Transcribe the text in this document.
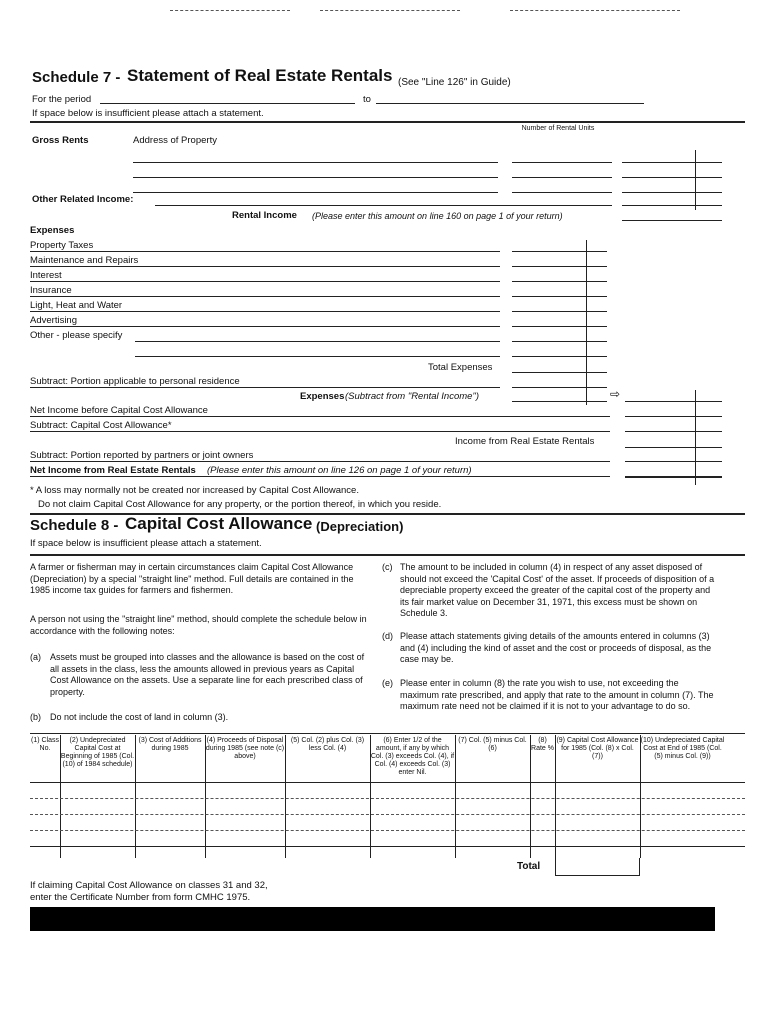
Schedule 7 - Statement of Real Estate Rentals (See "Line 126" in Guide)
For the period	to
If space below is insufficient please attach a statement.
Gross Rents	Address of Property
Number of Rental Units
Other Related Income:
Rental Income (Please enter this amount on line 160 on page 1 of your return)
Expenses
Property Taxes
Maintenance and Repairs
Interest
Insurance
Light, Heat and Water
Advertising
Other - please specify
Total Expenses
Subtract: Portion applicable to personal residence
Expenses (Subtract from "Rental Income")	⇨
Net Income before Capital Cost Allowance
Subtract: Capital Cost Allowance*
Income from Real Estate Rentals
Subtract: Portion reported by partners or joint owners
Net Income from Real Estate Rentals (Please enter this amount on line 126 on page 1 of your return)
* A loss may normally not be created nor increased by Capital Cost Allowance.
Do not claim Capital Cost Allowance for any property, or the portion thereof, in which you reside.
Schedule 8 - Capital Cost Allowance (Depreciation)
If space below is insufficient please attach a statement.
A farmer or fisherman may in certain circumstances claim Capital Cost Allowance (Depreciation) by a special "straight line" method. Full details are contained in the 1985 income tax guides for farmers and fishermen.
A person not using the "straight line" method, should complete the schedule below in accordance with the following notes:
(a) Assets must be grouped into classes and the allowance is based on the cost of all assets in the class, less the amounts allowed in previous years as Capital Cost Allowance on the assets. Use a separate line for each prescribed class of property.
(b) Do not include the cost of land in column (3).
(c) The amount to be included in column (4) in respect of any asset disposed of should not exceed the 'Capital Cost' of the asset. If proceeds of disposition of a depreciable property exceed the greater of the capital cost of the property and its fair market value on December 31, 1971, this excess must be shown on Schedule 3.
(d) Please attach statements giving details of the amounts entered in columns (3) and (4) including the kind of asset and the cost or proceeds of disposal, as the case may be.
(e) Please enter in column (8) the rate you wish to use, not exceeding the maximum rate prescribed, and apply that rate to the amount in column (7). The maximum rate need not be claimed if it is not to your advantage to do so.
(1) Class No.
(2) Undepreciated Capital Cost at Beginning of 1985 (Col. (10) of 1984 schedule)
(3) Cost of Additions during 1985
(4) Proceeds of Disposal during 1985 (see note (c) above)
(5) Col. (2) plus Col. (3) less Col. (4)
(6) Enter 1/2 of the amount, if any by which Col. (3) exceeds Col. (4), if Col. (4) exceeds Col. (3) enter Nil.
(7) Col. (5) minus Col. (6)
(8) Rate %
(9) Capital Cost Allowance for 1985 (Col. (8) x Col. (7))
(10) Undepreciated Capital Cost at End of 1985 (Col. (5) minus Col. (9))
Total
If claiming Capital Cost Allowance on classes 31 and 32,
enter the Certificate Number from form CMHC 1975.
